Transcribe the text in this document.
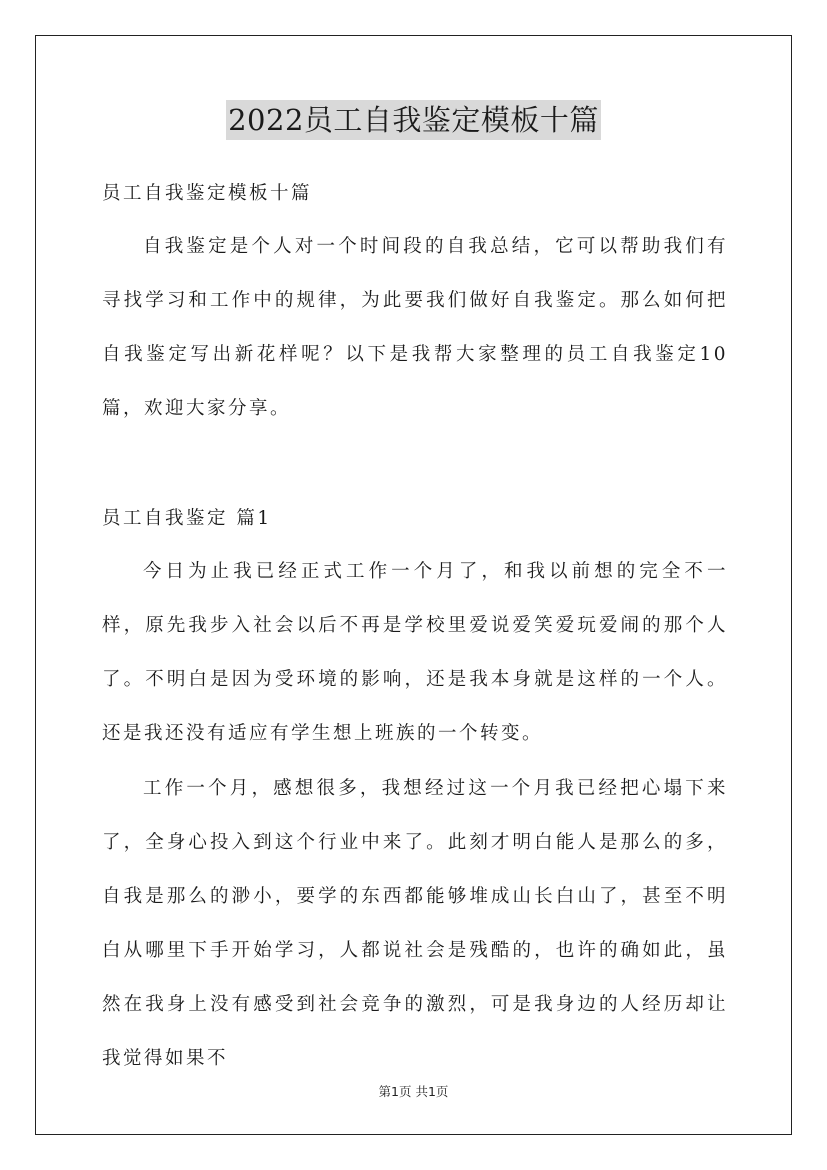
2022员工自我鉴定模板十篇
员工自我鉴定模板十篇
自我鉴定是个人对一个时间段的自我总结，它可以帮助我们有寻找学习和工作中的规律，为此要我们做好自我鉴定。那么如何把自我鉴定写出新花样呢？以下是我帮大家整理的员工自我鉴定10篇，欢迎大家分享。
员工自我鉴定 篇1
今日为止我已经正式工作一个月了，和我以前想的完全不一样，原先我步入社会以后不再是学校里爱说爱笑爱玩爱闹的那个人了。不明白是因为受环境的影响，还是我本身就是这样的一个人。还是我还没有适应有学生想上班族的一个转变。
工作一个月，感想很多，我想经过这一个月我已经把心塌下来了，全身心投入到这个行业中来了。此刻才明白能人是那么的多，自我是那么的渺小，要学的东西都能够堆成山长白山了，甚至不明白从哪里下手开始学习，人都说社会是残酷的，也许的确如此，虽然在我身上没有感受到社会竞争的激烈，可是我身边的人经历却让我觉得如果不
第1页 共1页
